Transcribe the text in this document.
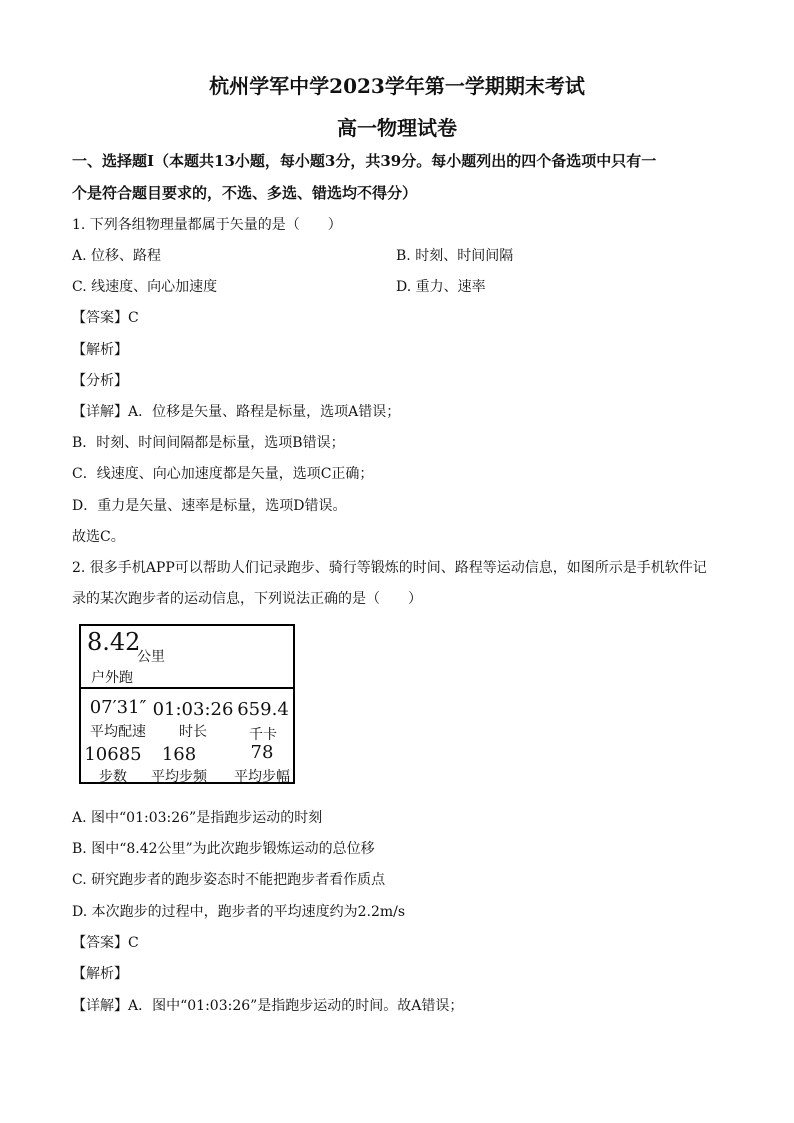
杭州学军中学2023学年第一学期期末考试
高一物理试卷
一、选择题Ⅰ（本题共13小题，每小题3分，共39分。每小题列出的四个备选项中只有一
个是符合题目要求的，不选、多选、错选均不得分）
1. 下列各组物理量都属于矢量的是（　　）
A. 位移、路程	B. 时刻、时间间隔
C. 线速度、向心加速度	D. 重力、速率
【答案】C
【解析】
【分析】
【详解】A．位移是矢量、路程是标量，选项A错误；
B．时刻、时间间隔都是标量，选项B错误；
C．线速度、向心加速度都是矢量，选项C正确；
D．重力是矢量、速率是标量，选项D错误。
故选C。
2. 很多手机APP可以帮助人们记录跑步、骑行等锻炼的时间、路程等运动信息，如图所示是手机软件记
录的某次跑步者的运动信息，下列说法正确的是（　　）
8.42
公里
户外跑
07′31″ 01:03:26 659.4
平均配速	时长	千卡
10685	168	78
步数	平均步频	平均步幅
A. 图中“01:03:26”是指跑步运动的时刻
B. 图中“8.42公里”为此次跑步锻炼运动的总位移
C. 研究跑步者的跑步姿态时不能把跑步者看作质点
D. 本次跑步的过程中，跑步者的平均速度约为2.2m/s
【答案】C
【解析】
【详解】A．图中“01:03:26”是指跑步运动的时间。故A错误；
